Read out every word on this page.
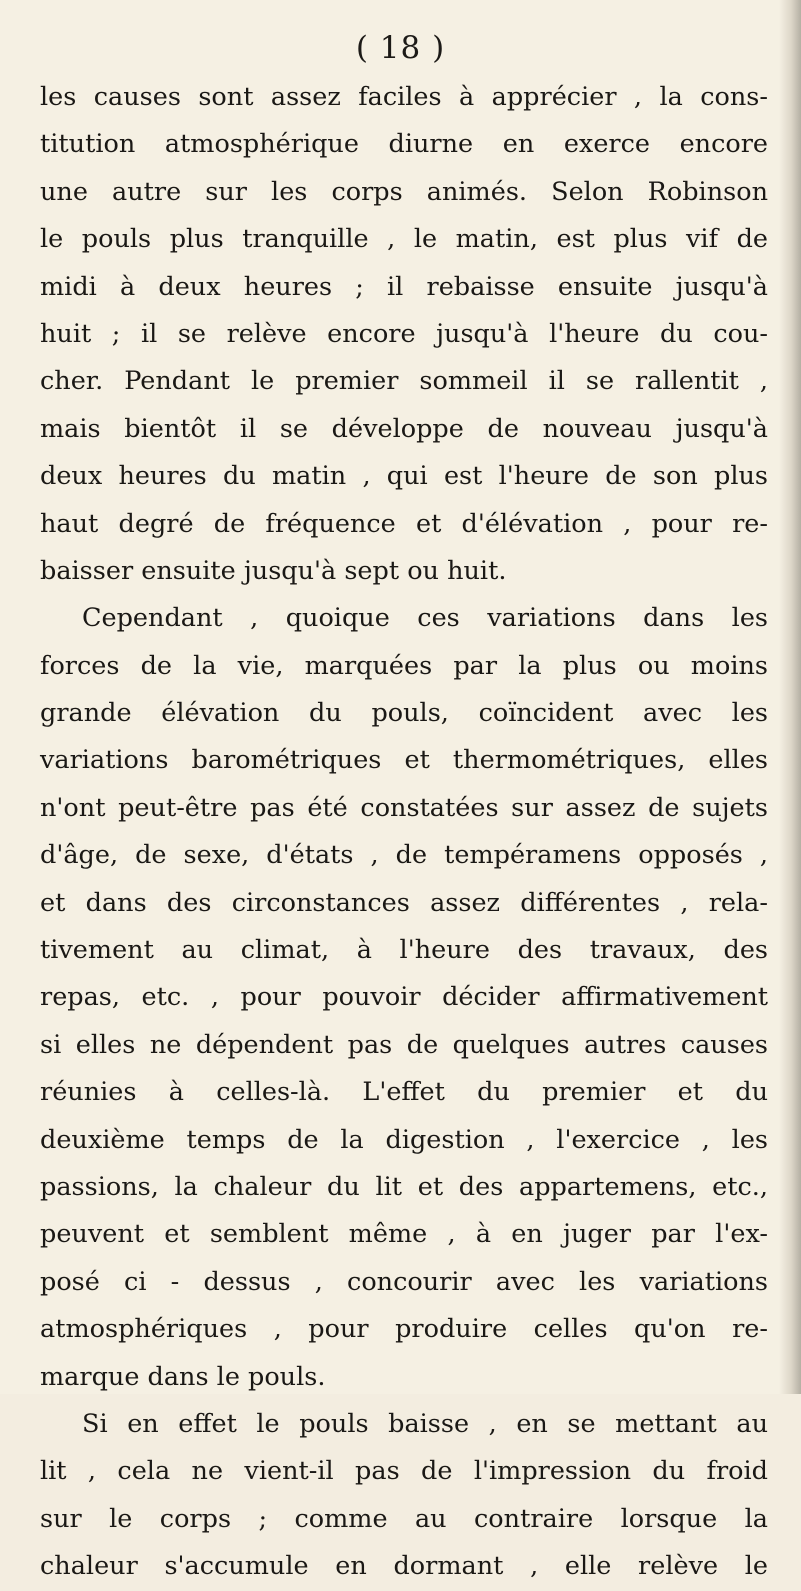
( 18 )
les causes sont assez faciles à apprécier , la cons-
titution atmosphérique diurne en exerce encore
une autre sur les corps animés. Selon Robinson
le pouls plus tranquille , le matin, est plus vif de
midi à deux heures ; il rebaisse ensuite jusqu'à
huit ; il se relève encore jusqu'à l'heure du cou-
cher. Pendant le premier sommeil il se rallentit ,
mais bientôt il se développe de nouveau jusqu'à
deux heures du matin , qui est l'heure de son plus
haut degré de fréquence et d'élévation , pour re-
baisser ensuite jusqu'à sept ou huit.
Cependant , quoique ces variations dans les
forces de la vie, marquées par la plus ou moins
grande élévation du pouls, coïncident avec les
variations barométriques et thermométriques, elles
n'ont peut-être pas été constatées sur assez de sujets
d'âge, de sexe, d'états , de tempéramens opposés ,
et dans des circonstances assez différentes , rela-
tivement au climat, à l'heure des travaux, des
repas, etc. , pour pouvoir décider affirmativement
si elles ne dépendent pas de quelques autres causes
réunies à celles-là. L'effet du premier et du
deuxième temps de la digestion , l'exercice , les
passions, la chaleur du lit et des appartemens, etc.,
peuvent et semblent même , à en juger par l'ex-
posé ci - dessus , concourir avec les variations
atmosphériques , pour produire celles qu'on re-
marque dans le pouls.
Si en effet le pouls baisse , en se mettant au
lit , cela ne vient-il pas de l'impression du froid
sur le corps ; comme au contraire lorsque la
chaleur s'accumule en dormant , elle relève le
